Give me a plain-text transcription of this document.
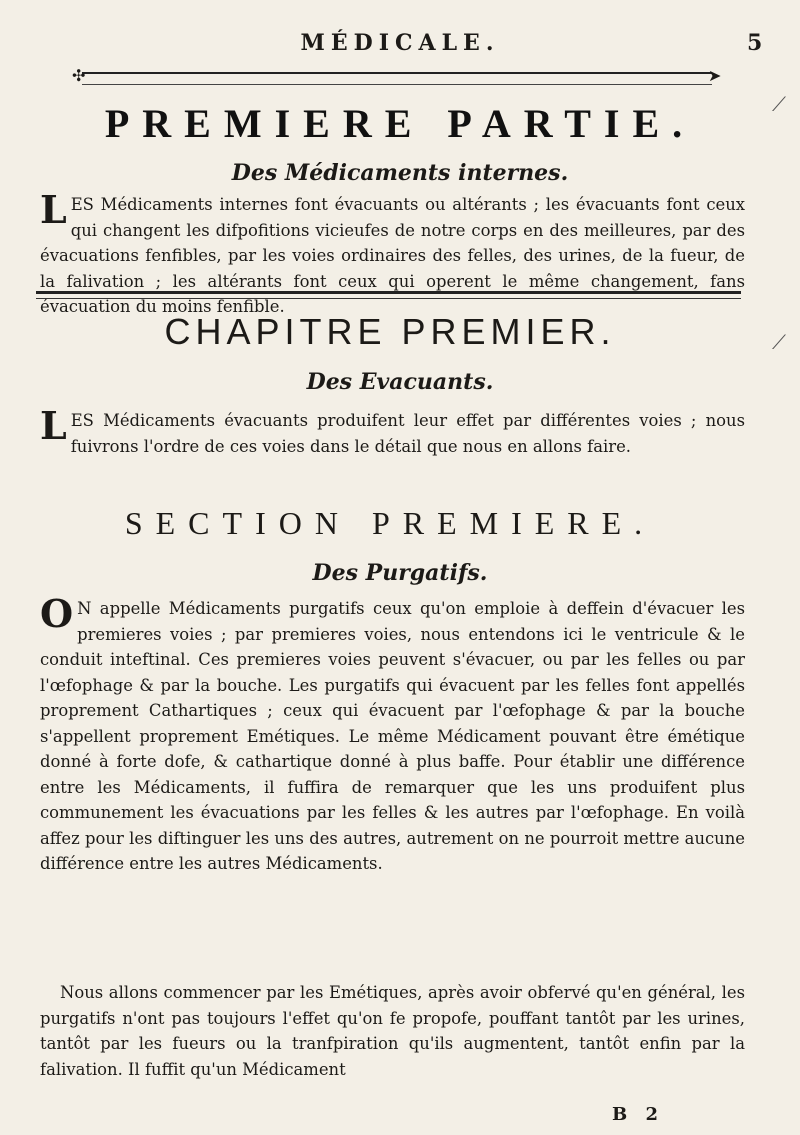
MÉDICALE.	5
✣	➤
PREMIERE PARTIE.
Des Médicaments internes.

LES Médicaments internes font évacuants ou altérants ; les évacuants font ceux qui changent les difpofitions vicieufes de notre corps en des meilleures, par des évacuations fenfibles, par les voies ordinaires des felles, des urines, de la fueur, de la falivation ; les altérants font ceux qui operent le même changement, fans évacuation du moins fenfible.

CHAPITRE PREMIER.
Des Evacuants.

LES Médicaments évacuants produifent leur effet par différentes voies ; nous fuivrons l'ordre de ces voies dans le détail que nous en allons faire.

SECTION PREMIERE.
Des Purgatifs.

O N appelle Médicaments purgatifs ceux qu'on emploie à deffein d'évacuer les premieres voies ; par premieres voies, nous entendons ici le ventricule & le conduit inteftinal. Ces premieres voies peuvent s'évacuer, ou par les felles ou par l'œfophage & par la bouche. Les purgatifs qui évacuent par les felles font appellés proprement Cathartiques ; ceux qui évacuent par l'œfophage & par la bouche s'appellent proprement Emétiques. Le même Médicament pouvant être émétique donné à forte dofe, & cathartique donné à plus baffe. Pour établir une différence entre les Médicaments, il fuffira de remarquer que les uns produifent plus communement les évacuations par les felles & les autres par l'œfophage. En voilà affez pour les diftinguer les uns des autres, autrement on ne pourroit mettre aucune différence entre les autres Médicaments.

Nous allons commencer par les Emétiques, après avoir obfervé qu'en général, les purgatifs n'ont pas toujours l'effet qu'on fe propofe, pouffant tantôt par les urines, tantôt par les fueurs ou la tranfpiration qu'ils augmentent, tantôt enfin par la falivation. Il fuffit qu'un Médicament

B 2
⟋
⟋
